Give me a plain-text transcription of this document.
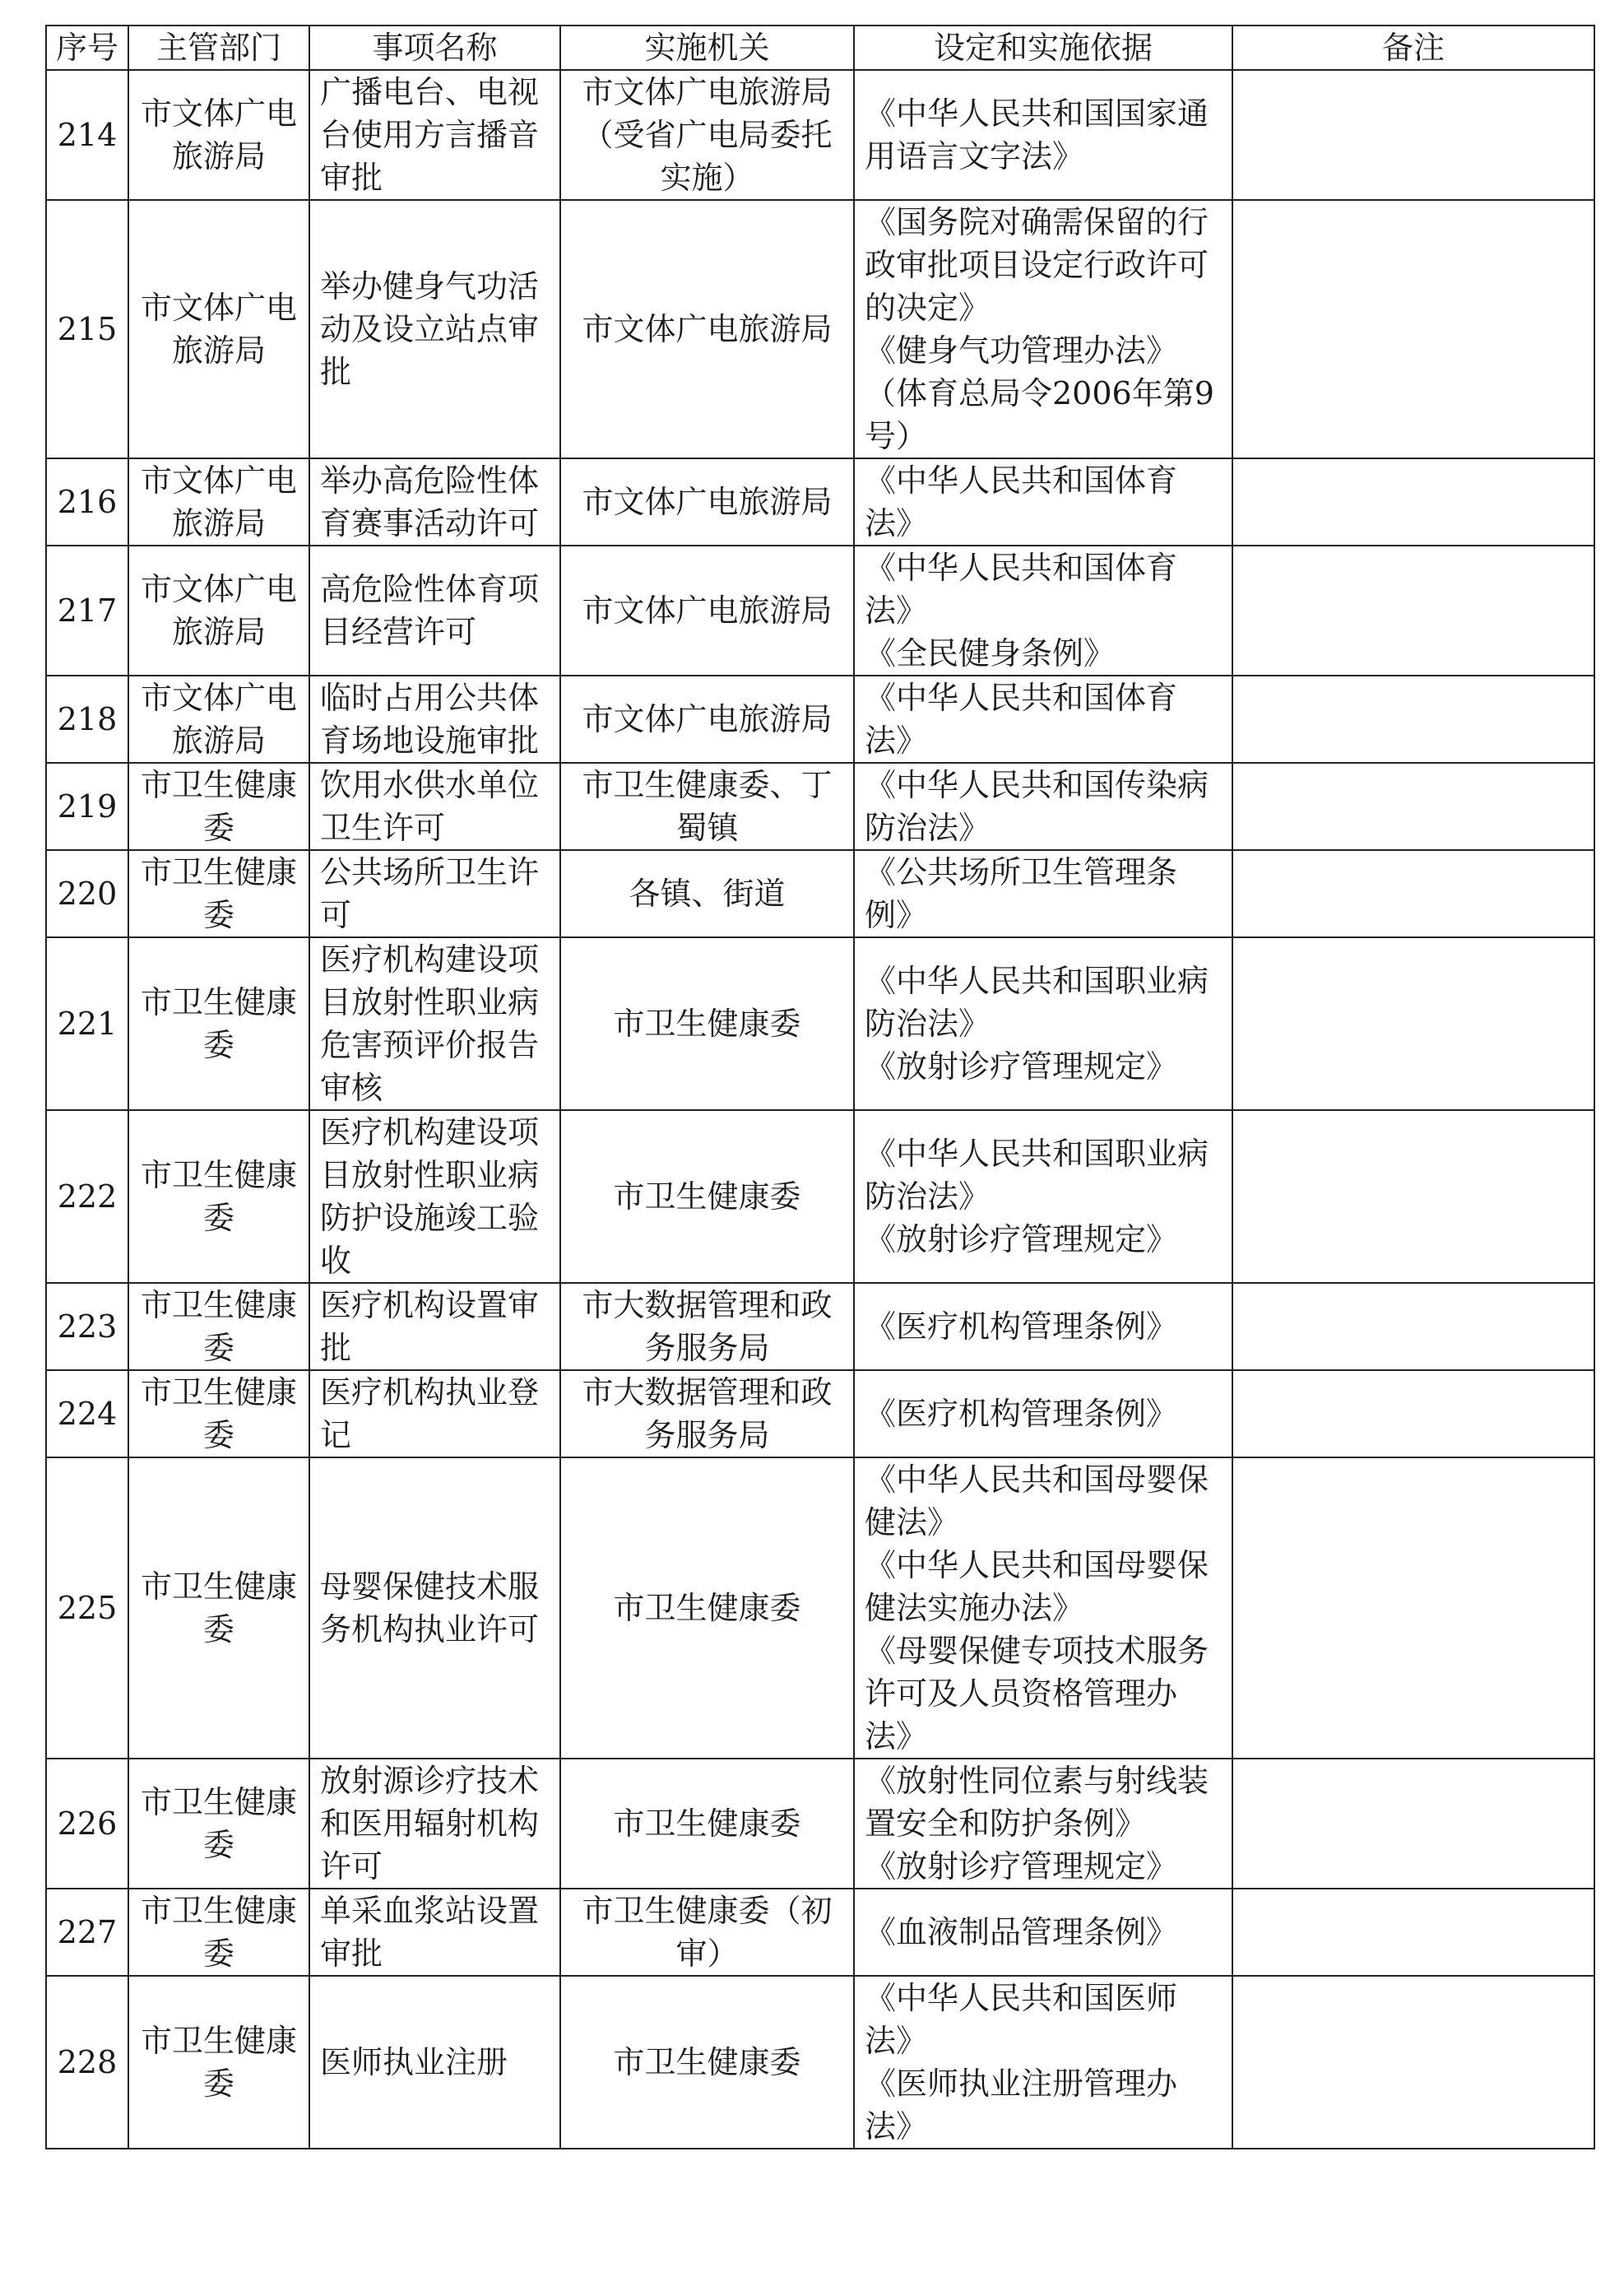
序号	主管部门	事项名称	实施机关	设定和实施依据	备注
214	市文体广电旅游局	广播电台、电视台使用方言播音审批	市文体广电旅游局（受省广电局委托实施）	《中华人民共和国国家通用语言文字法》	

215	市文体广电旅游局	举办健身气功活动及设立站点审批	市文体广电旅游局	《国务院对确需保留的行政审批项目设定行政许可的决定》
《健身气功管理办法》（体育总局令2006年第9号）	

216	市文体广电旅游局	举办高危险性体育赛事活动许可	市文体广电旅游局	《中华人民共和国体育法》	

217	市文体广电旅游局	高危险性体育项目经营许可	市文体广电旅游局	《中华人民共和国体育法》
《全民健身条例》	

218	市文体广电旅游局	临时占用公共体育场地设施审批	市文体广电旅游局	《中华人民共和国体育法》	

219	市卫生健康委	饮用水供水单位卫生许可	市卫生健康委、丁蜀镇	《中华人民共和国传染病防治法》	

220	市卫生健康委	公共场所卫生许可	各镇、街道	《公共场所卫生管理条例》	

221	市卫生健康委	医疗机构建设项目放射性职业病危害预评价报告审核	市卫生健康委	《中华人民共和国职业病防治法》
《放射诊疗管理规定》	

222	市卫生健康委	医疗机构建设项目放射性职业病防护设施竣工验收	市卫生健康委	《中华人民共和国职业病防治法》
《放射诊疗管理规定》	

223	市卫生健康委	医疗机构设置审批	市大数据管理和政务服务局	《医疗机构管理条例》	

224	市卫生健康委	医疗机构执业登记	市大数据管理和政务服务局	《医疗机构管理条例》	

225	市卫生健康委	母婴保健技术服务机构执业许可	市卫生健康委	《中华人民共和国母婴保健法》
《中华人民共和国母婴保健法实施办法》
《母婴保健专项技术服务许可及人员资格管理办法》	

226	市卫生健康委	放射源诊疗技术和医用辐射机构许可	市卫生健康委	《放射性同位素与射线装置安全和防护条例》
《放射诊疗管理规定》	

227	市卫生健康委	单采血浆站设置审批	市卫生健康委（初审）	《血液制品管理条例》	

228	市卫生健康委	医师执业注册	市卫生健康委	《中华人民共和国医师法》
《医师执业注册管理办法》	
